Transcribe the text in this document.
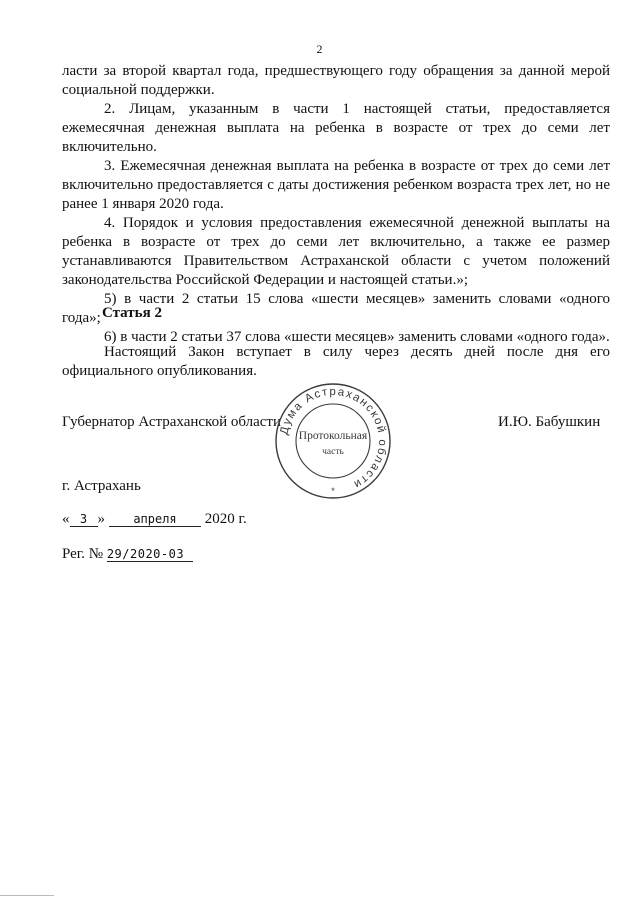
2

ласти за второй квартал года, предшествующего году обращения за данной мерой социальной поддержки.

2. Лицам, указанным в части 1 настоящей статьи, предоставляется ежемесячная денежная выплата на ребенка в возрасте от трех до семи лет включительно.

3. Ежемесячная денежная выплата на ребенка в возрасте от трех до семи лет включительно предоставляется с даты достижения ребенком возраста трех лет, но не ранее 1 января 2020 года.

4. Порядок и условия предоставления ежемесячной денежной выплаты на ребенка в возрасте от трех до семи лет включительно, а также ее размер устанавливаются Правительством Астраханской области с учетом положений законодательства Российской Федерации и настоящей статьи.»;

5) в части 2 статьи 15 слова «шести месяцев» заменить словами «одного года»;

6) в части 2 статьи 37 слова «шести месяцев» заменить словами «одного года».

Статья 2
Настоящий Закон вступает в силу через десять дней после дня его официального опубликования.
Губернатор Астраханской области	И.Ю. Бабушкин
Дума Астраханской области
Протокольная
часть
*
г. Астрахань
« 3 » апреля 2020 г.
Рег. № 29/2020-03
